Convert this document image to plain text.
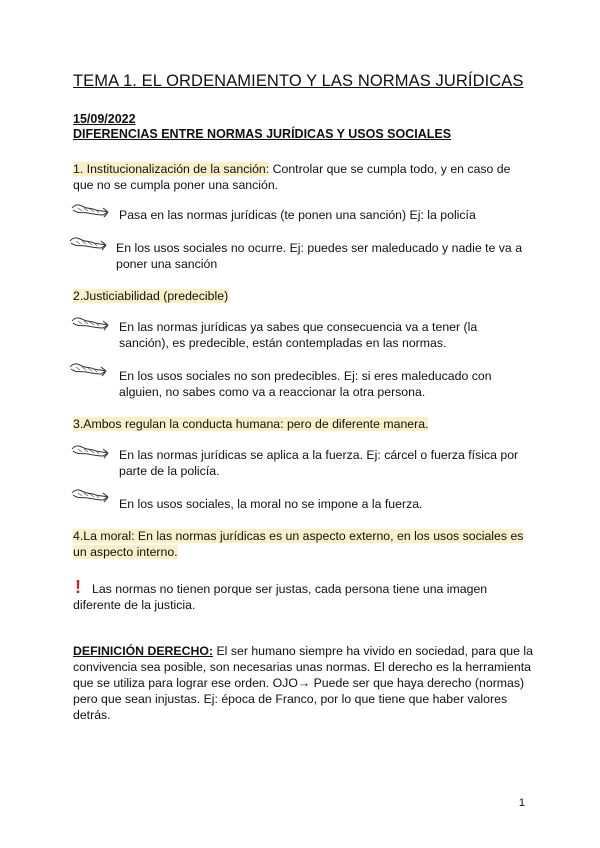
TEMA 1. EL ORDENAMIENTO Y LAS NORMAS JURÍDICAS
15/09/2022
DIFERENCIAS ENTRE NORMAS JURÍDICAS Y USOS SOCIALES
1. Institucionalización de la sanción: Controlar que se cumpla todo, y en caso de que no se cumpla poner una sanción.
Pasa en las normas jurídicas (te ponen una sanción) Ej: la policía
En los usos sociales no ocurre. Ej: puedes ser maleducado y nadie te va a poner una sanción
2.Justiciabilidad (predecible)
En las normas jurídicas ya sabes que consecuencia va a tener (la sanción), es predecible, están contempladas en las normas.
En los usos sociales no son predecibles. Ej: si eres maleducado con alguien, no sabes como va a reaccionar la otra persona.
3.Ambos regulan la conducta humana: pero de diferente manera.
En las normas jurídicas se aplica a la fuerza. Ej: cárcel o fuerza física por parte de la policía.
En los usos sociales, la moral no se impone a la fuerza.
4.La moral: En las normas jurídicas es un aspecto externo, en los usos sociales es un aspecto interno.
! Las normas no tienen porque ser justas, cada persona tiene una imagen diferente de la justicia.
DEFINICIÓN DERECHO: El ser humano siempre ha vivido en sociedad, para que la convivencia sea posible, son necesarias unas normas. El derecho es la herramienta que se utiliza para lograr ese orden. OJO→ Puede ser que haya derecho (normas) pero que sean injustas. Ej: época de Franco, por lo que tiene que haber valores detrás.
1
